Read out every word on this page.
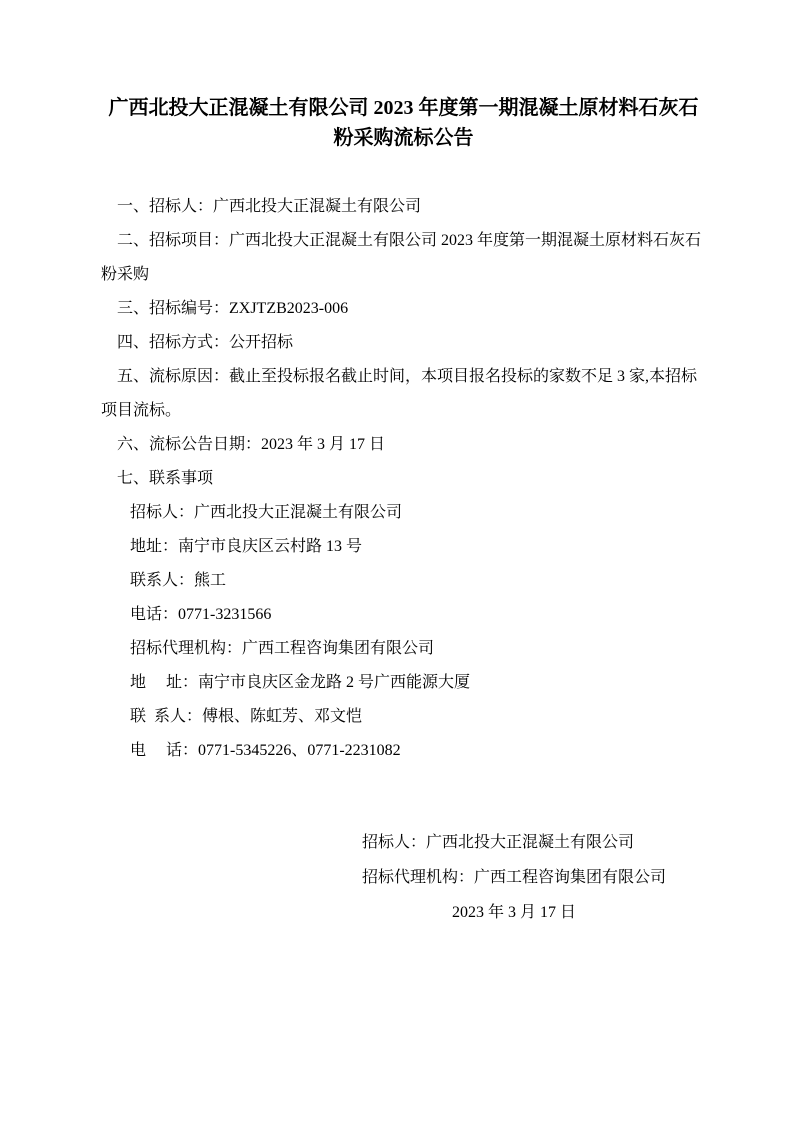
广西北投大正混凝土有限公司 2023 年度第一期混凝土原材料石灰石粉采购流标公告

一、招标人：广西北投大正混凝土有限公司

二、招标项目：广西北投大正混凝土有限公司 2023 年度第一期混凝土原材料石灰石粉采购

三、招标编号：ZXJTZB2023-006

四、招标方式：公开招标

五、流标原因：截止至投标报名截止时间，本项目报名投标的家数不足 3 家,本招标项目流标。

六、流标公告日期：2023 年 3 月 17 日

七、联系事项

招标人：广西北投大正混凝土有限公司

地址：南宁市良庆区云村路 13 号

联系人：熊工

电话：0771-3231566

招标代理机构：广西工程咨询集团有限公司

地　 址：南宁市良庆区金龙路 2 号广西能源大厦

联  系人：傅根、陈虹芳、邓文恺

电　 话：0771-5345226、0771-2231082

招标人：广西北投大正混凝土有限公司

招标代理机构：广西工程咨询集团有限公司

2023 年 3 月 17 日
